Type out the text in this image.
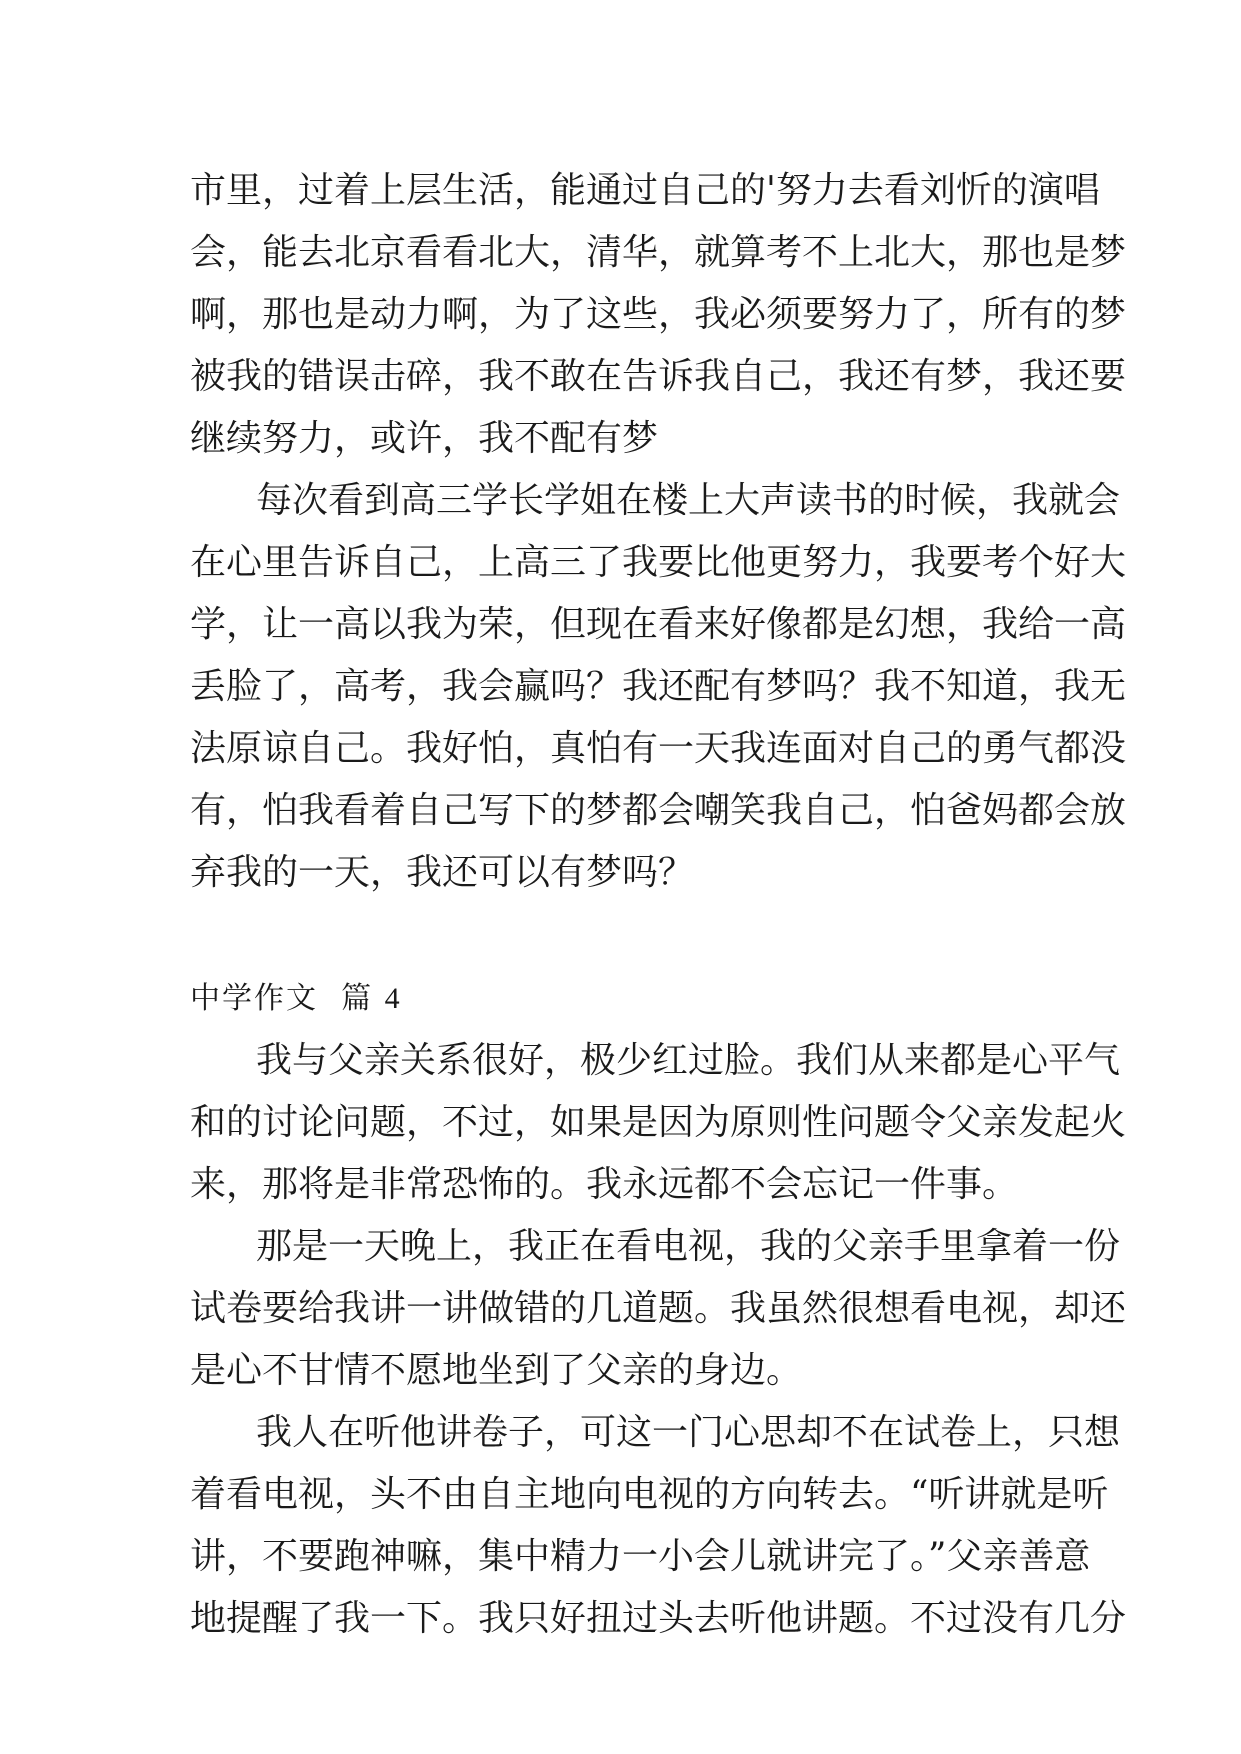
市里，过着上层生活，能通过自己的'努力去看刘忻的演唱
会，能去北京看看北大，清华，就算考不上北大，那也是梦
啊，那也是动力啊，为了这些，我必须要努力了，所有的梦
被我的错误击碎，我不敢在告诉我自己，我还有梦，我还要
继续努力，或许，我不配有梦
每次看到高三学长学姐在楼上大声读书的时候，我就会
在心里告诉自己，上高三了我要比他更努力，我要考个好大
学，让一高以我为荣，但现在看来好像都是幻想，我给一高
丢脸了，高考，我会赢吗？我还配有梦吗？我不知道，我无
法原谅自己。我好怕，真怕有一天我连面对自己的勇气都没
有，怕我看着自己写下的梦都会嘲笑我自己，怕爸妈都会放
弃我的一天，我还可以有梦吗？
中学作文 篇 4
我与父亲关系很好，极少红过脸。我们从来都是心平气
和的讨论问题，不过，如果是因为原则性问题令父亲发起火
来，那将是非常恐怖的。我永远都不会忘记一件事。
那是一天晚上，我正在看电视，我的父亲手里拿着一份
试卷要给我讲一讲做错的几道题。我虽然很想看电视，却还
是心不甘情不愿地坐到了父亲的身边。
我人在听他讲卷子，可这一门心思却不在试卷上，只想
着看电视，头不由自主地向电视的方向转去。“听讲就是听
讲，不要跑神嘛，集中精力一小会儿就讲完了。”父亲善意
地提醒了我一下。我只好扭过头去听他讲题。不过没有几分
